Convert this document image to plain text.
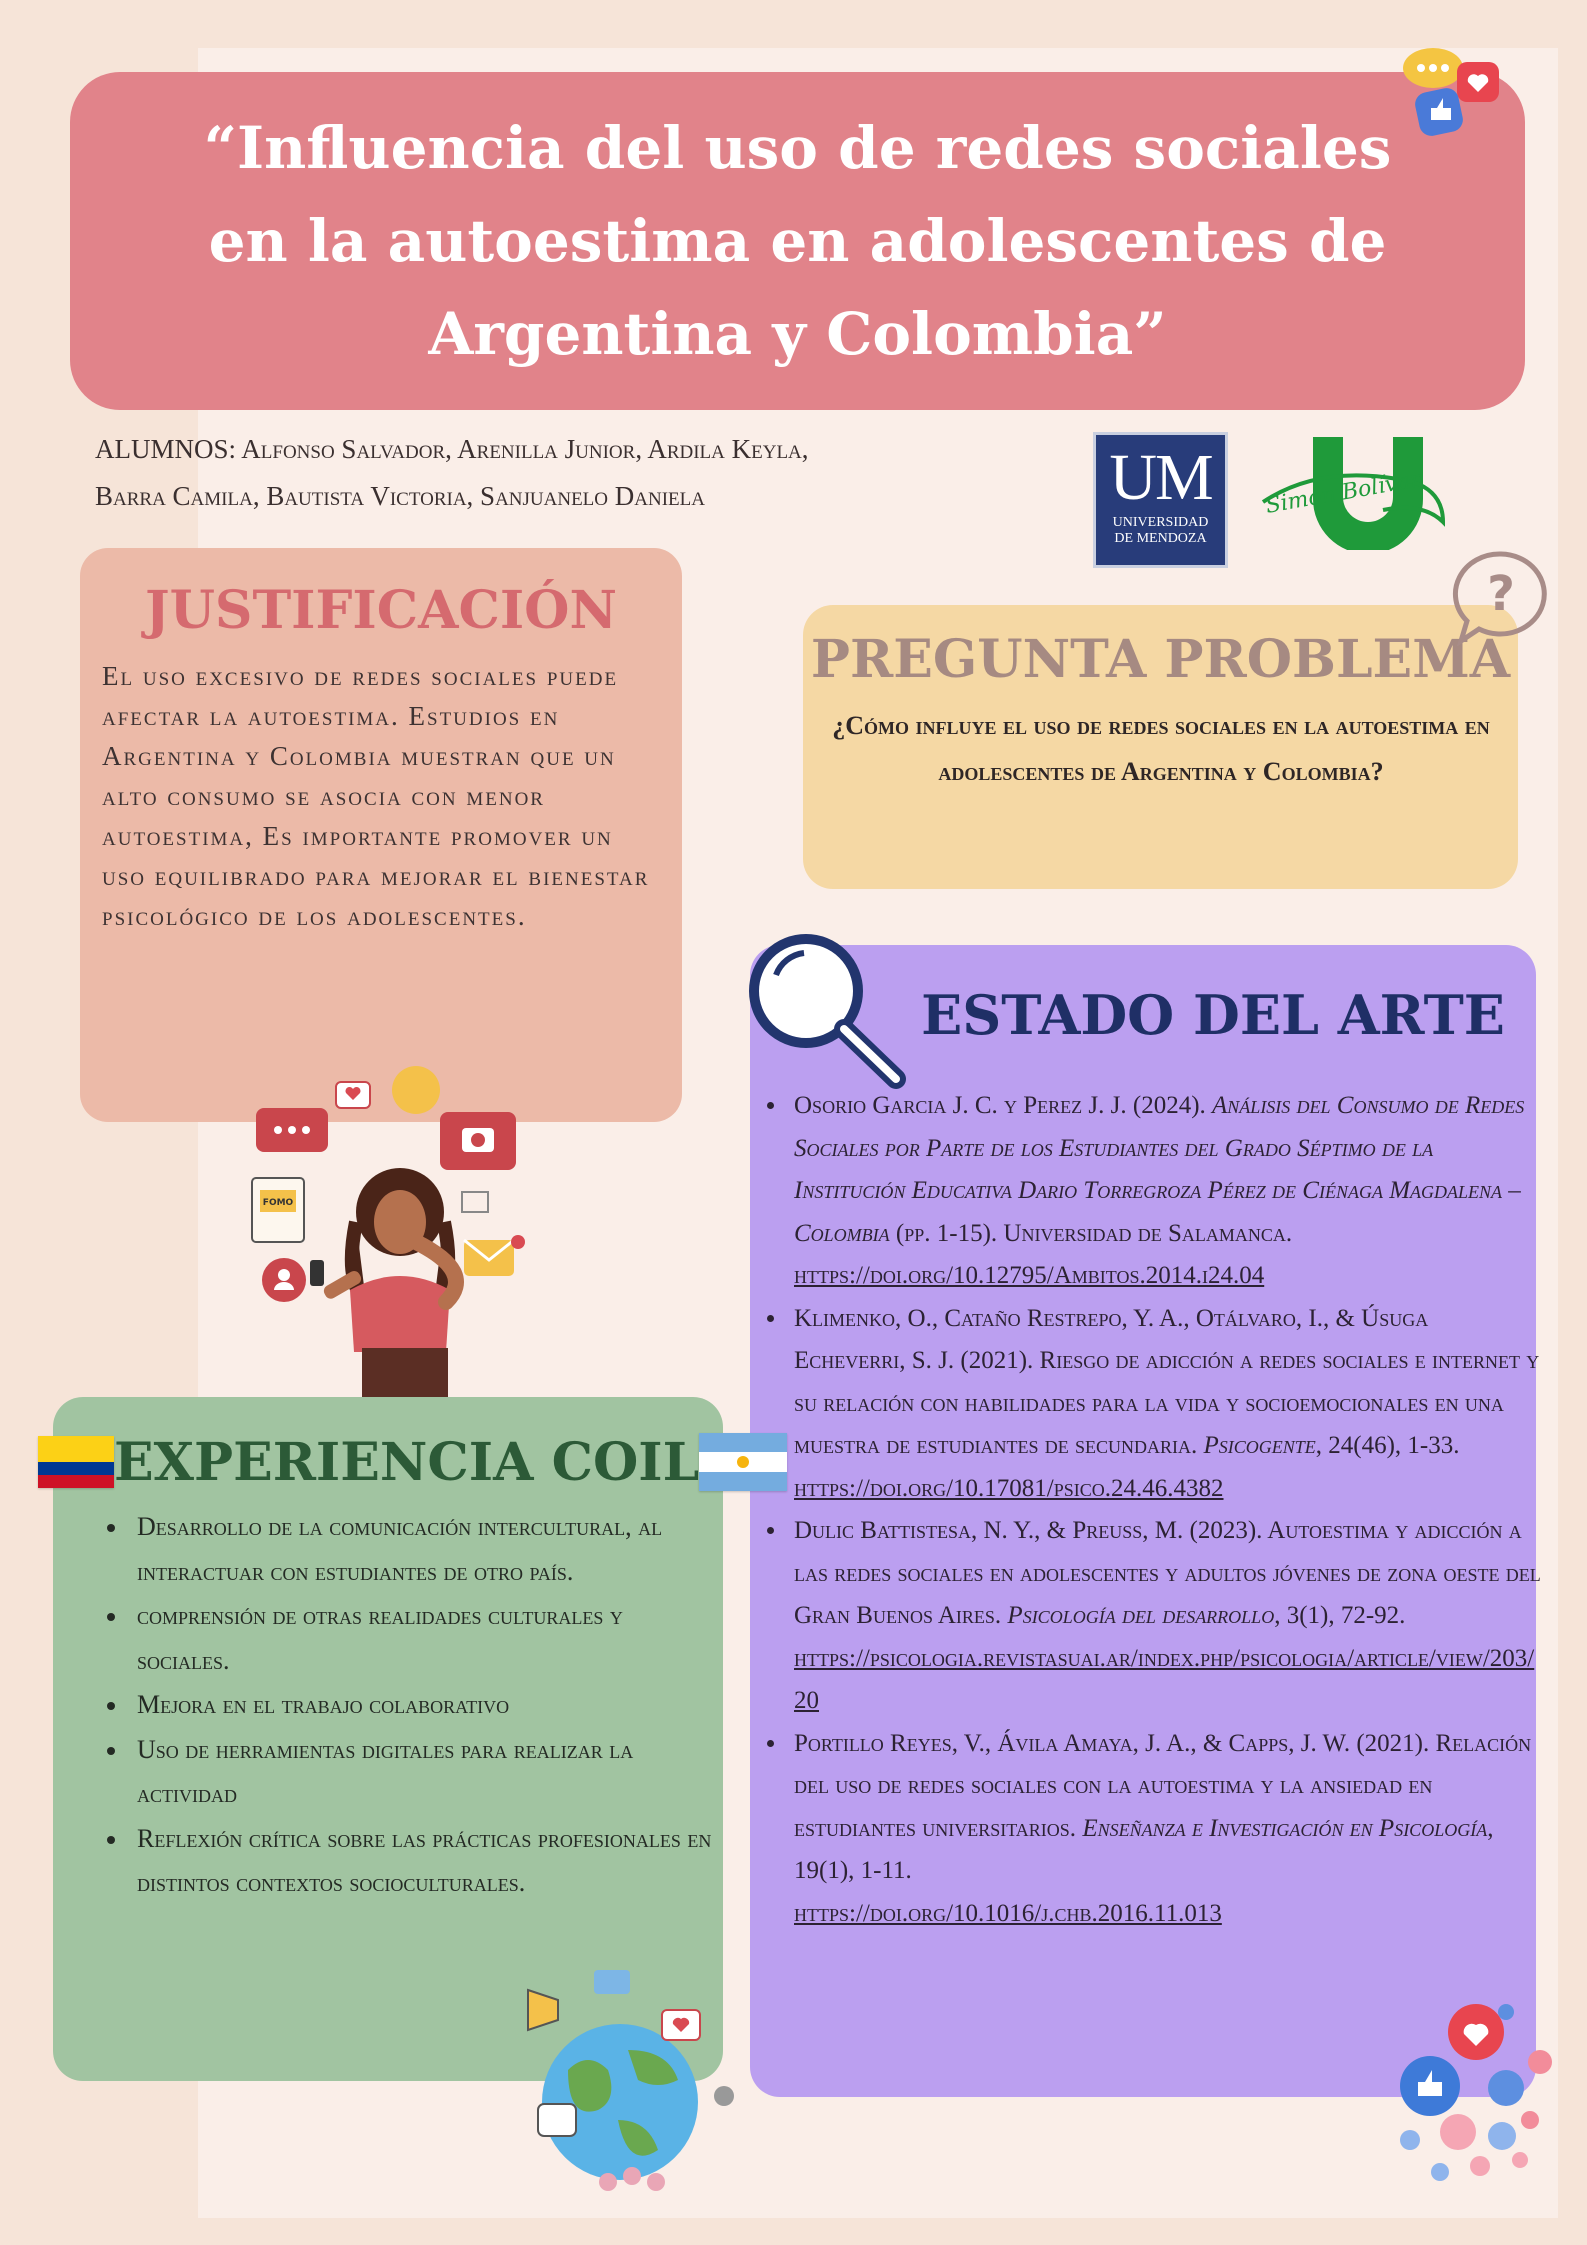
“Influencia del uso de redes sociales en la autoestima en adolescentes de Argentina y Colombia”
ALUMNOS: Alfonso Salvador, Arenilla Junior, Ardila Keyla,
Barra Camila, Bautista Victoria, Sanjuanelo Daniela	UM
UNIVERSIDAD
DE MENDOZA
Simón Bolívar
JUSTIFICACIÓN

El uso excesivo de redes sociales puede afectar la autoestima. Estudios en Argentina y Colombia muestran que un alto consumo se asocia con menor autoestima, Es importante promover un uso equilibrado para mejorar el bienestar psicológico de los adolescentes.

PREGUNTA PROBLEMA

¿Cómo influye el uso de redes sociales en la autoestima en adolescentes de Argentina y Colombia?

?
ESTADO DEL ARTE
• Osorio Garcia J. C. y Perez J. J. (2024). Análisis del Consumo de Redes Sociales por Parte de los Estudiantes del Grado Séptimo de la Institución Educativa Dario Torregroza Pérez de Ciénaga Magdalena – Colombia (pp. 1-15). Universidad de Salamanca.
https://doi.org/10.12795/Ambitos.2014.i24.04
• Klimenko, O., Cataño Restrepo, Y. A., Otálvaro, I., & Úsuga Echeverri, S. J. (2021). Riesgo de adicción a redes sociales e internet y su relación con habilidades para la vida y socioemocionales en una muestra de estudiantes de secundaria. Psicogente, 24(46), 1-33.
https://doi.org/10.17081/psico.24.46.4382
• Dulic Battistesa, N. Y., & Preuss, M. (2023). Autoestima y adicción a las redes sociales en adolescentes y adultos jóvenes de zona oeste del Gran Buenos Aires. Psicología del desarrollo, 3(1), 72-92.
https://psicologia.revistasuai.ar/index.php/psicologia/article/view/203/20
• Portillo Reyes, V., Ávila Amaya, J. A., & Capps, J. W. (2021). Relación del uso de redes sociales con la autoestima y la ansiedad en estudiantes universitarios. Enseñanza e Investigación en Psicología, 19(1), 1-11.
https://doi.org/10.1016/j.chb.2016.11.013
FOMO
• Desarrollo de la comunicación intercultural, al interactuar con estudiantes de otro país.
• comprensión de otras realidades culturales y sociales.
• Mejora en el trabajo colaborativo
• Uso de herramientas digitales para realizar la actividad
• Reflexión crítica sobre las prácticas profesionales en distintos contextos socioculturales.
EXPERIENCIA COIL
